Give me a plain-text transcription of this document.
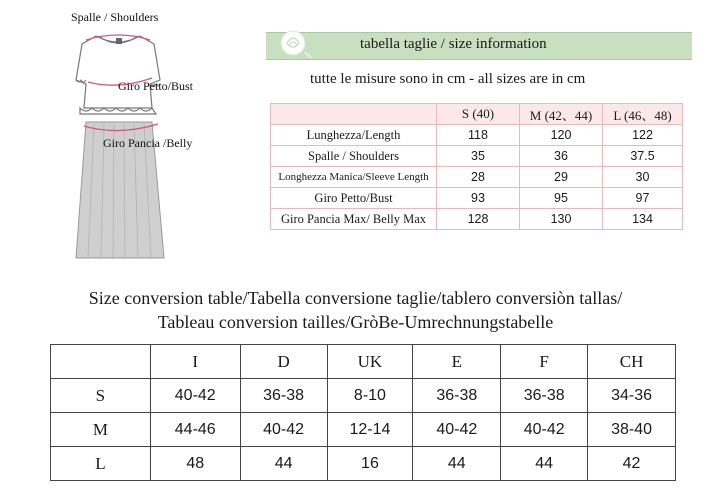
Spalle / Shoulders
Giro Petto/Bust
Giro Pancia /Belly
tabella taglie / size information
tutte le misure sono in cm - all sizes are in cm
	S (40)	M (42、44)	L (46、48)
Lunghezza/Length	118	120	122
Spalle / Shoulders	35	36	37.5
Longhezza Manica/Sleeve Length	28	29	30
Giro Petto/Bust	93	95	97
Giro Pancia Max/ Belly Max	128	130	134
Size conversion table/Tabella conversione taglie/tablero conversiòn tallas/
Tableau conversion tailles/GròBe-Umrechnungstabelle
	I	D	UK	E	F	CH
S	40-42	36-38	8-10	36-38	36-38	34-36
M	44-46	40-42	12-14	40-42	40-42	38-40
L	48	44	16	44	44	42
